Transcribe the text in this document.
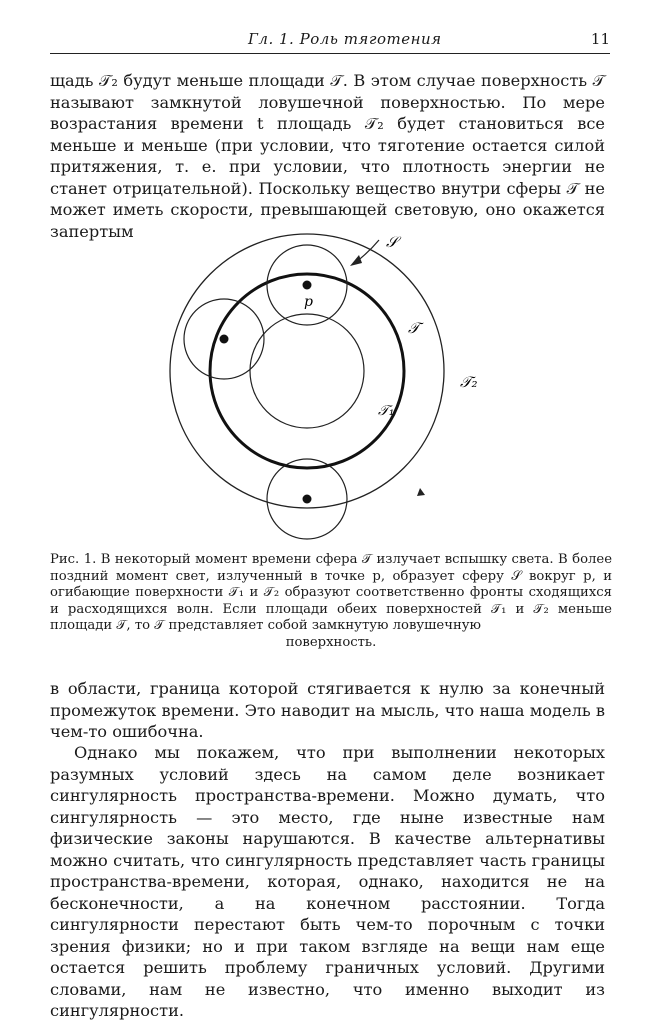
Гл. 1. Роль тяготения	11

щадь 𝒯₂ будут меньше площади 𝒯. В этом случае поверхность 𝒯 называют замкнутой ловушечной поверхностью. По мере возрастания времени t площадь 𝒯₂ будет становиться все меньше и меньше (при условии, что тяготение остается силой притяжения, т. е. при условии, что плотность энергии не станет отрицательной). Поскольку вещество внутри сферы 𝒯 не может иметь скорости, превышающей световую, оно окажется запертым

𝒮
p
𝒯
𝒯₁
𝒯₂

Рис. 1. В некоторый момент времени сфера 𝒯 излучает вспышку света. В более поздний момент свет, излученный в точке p, образует сферу 𝒮 вокруг p, и огибающие поверхности 𝒯₁ и 𝒯₂ образуют соответственно фронты сходящихся и расходящихся волн. Если площади обеих поверхностей 𝒯₁ и 𝒯₂ меньше площади 𝒯, то 𝒯 представляет собой замкнутую ловушечную
поверхность.

в области, граница которой стягивается к нулю за конечный промежуток времени. Это наводит на мысль, что наша модель в чем-то ошибочна.

Однако мы покажем, что при выполнении некоторых разумных условий здесь на самом деле возникает сингулярность пространства-времени. Можно думать, что сингулярность — это место, где ныне известные нам физические законы нарушаются. В качестве альтернативы можно считать, что сингулярность представляет часть границы пространства-времени, которая, однако, находится не на бесконечности, а на конечном расстоянии. Тогда сингулярности перестают быть чем-то порочным с точки зрения физики; но и при таком взгляде на вещи нам еще остается решить проблему граничных условий. Другими словами, нам не известно, что именно выходит из сингулярности.
